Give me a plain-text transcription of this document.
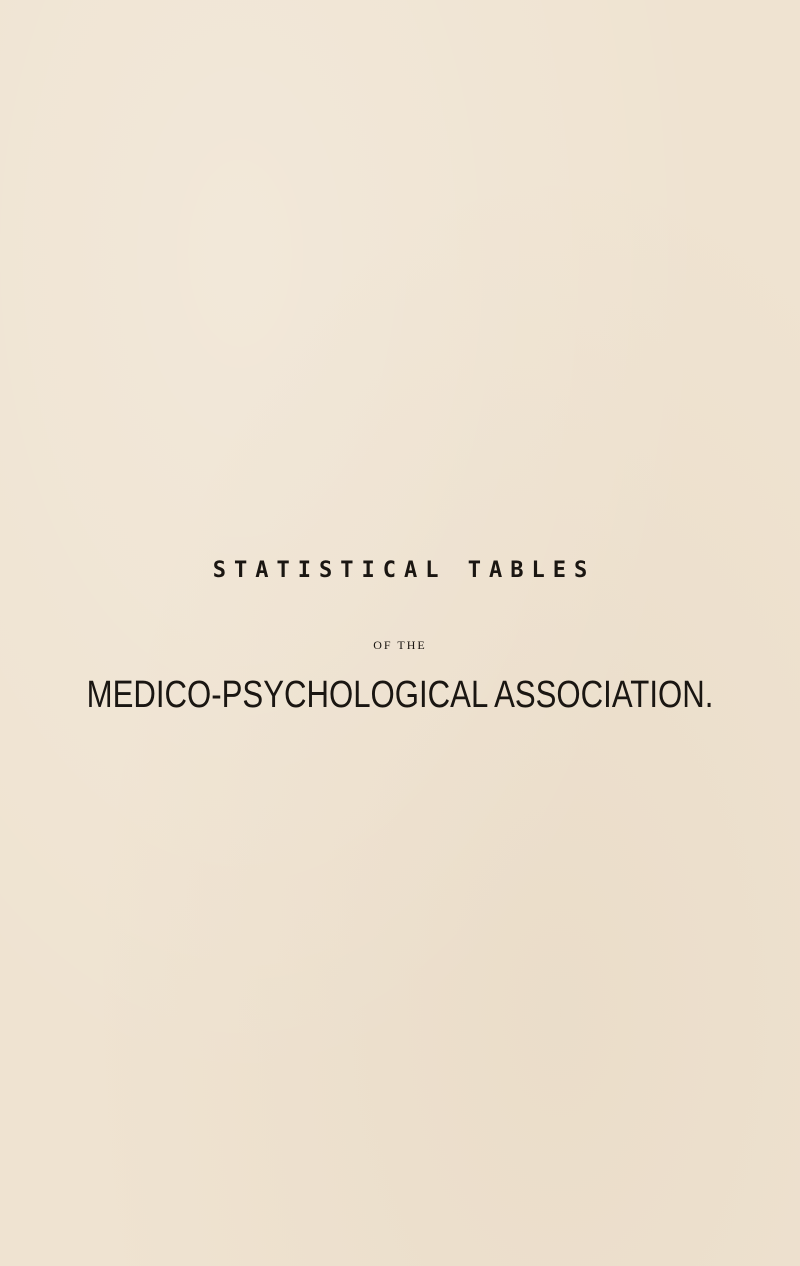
STATISTICAL TABLES
OF THE
MEDICO-PSYCHOLOGICAL ASSOCIATION.
